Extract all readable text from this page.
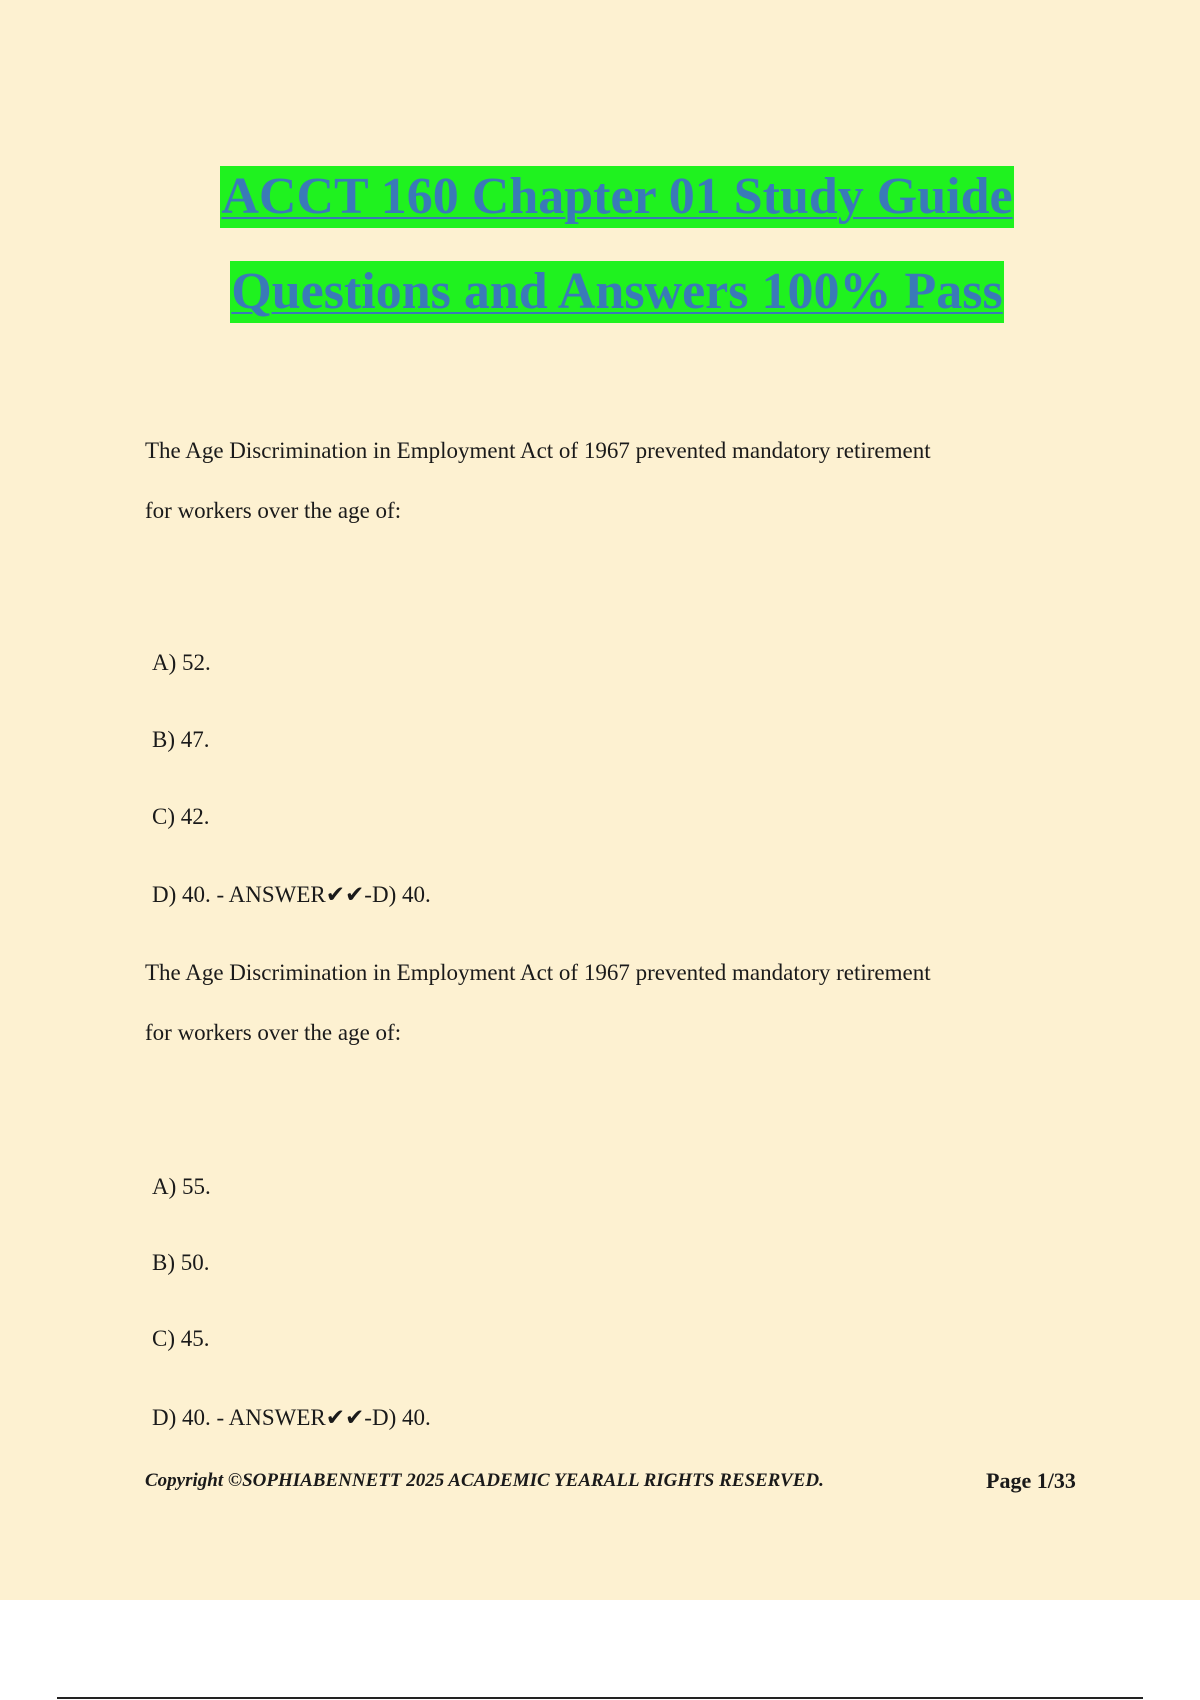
ACCT 160 Chapter 01 Study Guide
Questions and Answers 100% Pass

The Age Discrimination in Employment Act of 1967 prevented mandatory retirement

for workers over the age of:

A) 52.

B) 47.

C) 42.

D) 40. - ANSWER✔✔-D) 40.

The Age Discrimination in Employment Act of 1967 prevented mandatory retirement

for workers over the age of:

A) 55.

B) 50.

C) 45.

D) 40. - ANSWER✔✔-D) 40.

Copyright ©SOPHIABENNETT 2025 ACADEMIC YEARALL RIGHTS RESERVED.	Page 1/33
